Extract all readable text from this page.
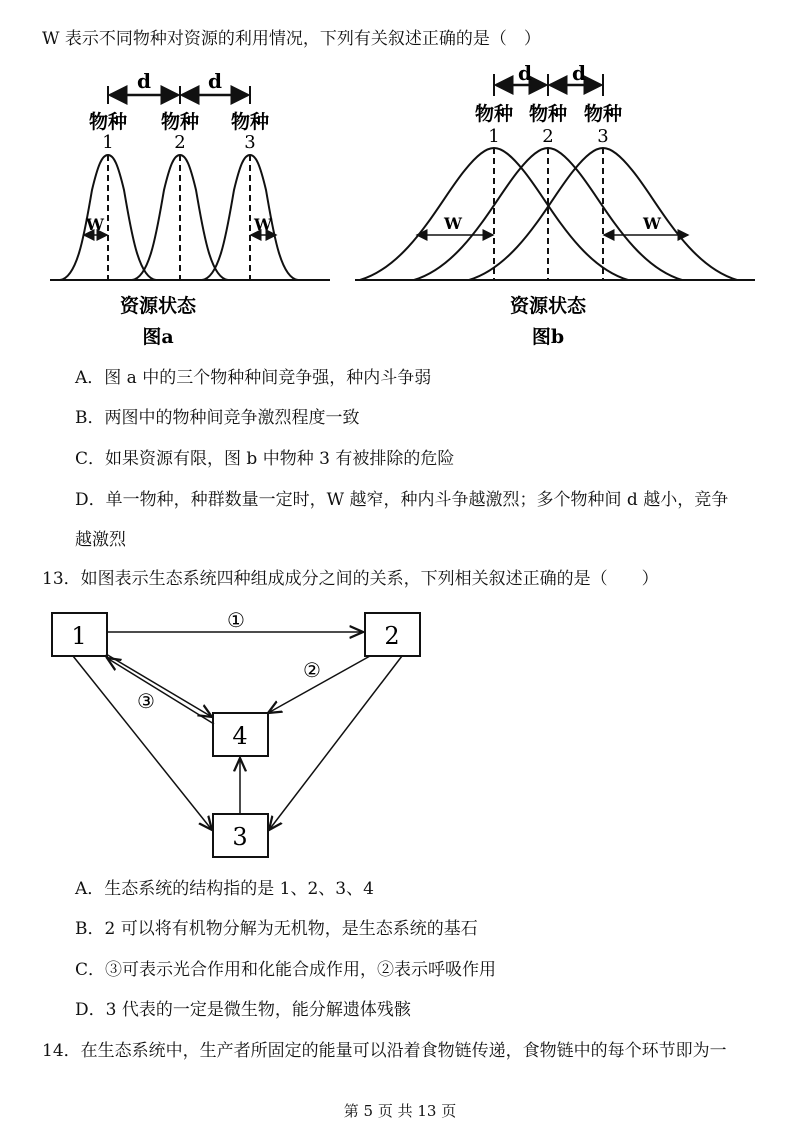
W 表示不同物种对资源的利用情况，下列有关叙述正确的是（　）
d	d
物种 物种 物种
1	2	3
W	W
资源状态
图a
d d
物种 物种 物种
1 2 3
W	W
资源状态
图b
A．图 a 中的三个物种种间竞争强，种内斗争弱
B．两图中的物种间竞争激烈程度一致
C．如果资源有限，图 b 中物种 3 有被排除的危险
D．单一物种，种群数量一定时，W 越窄，种内斗争越激烈；多个物种间 d 越小，竞争
越激烈
13．如图表示生态系统四种组成成分之间的关系，下列相关叙述正确的是（　　）
1	2
4
3
①
②
③
A．生态系统的结构指的是 1、2、3、4
B．2 可以将有机物分解为无机物，是生态系统的基石
C．③可表示光合作用和化能合成作用，②表示呼吸作用
D．3 代表的一定是微生物，能分解遗体残骸
14．在生态系统中，生产者所固定的能量可以沿着食物链传递，食物链中的每个环节即为一
第 5 页 共 13 页
